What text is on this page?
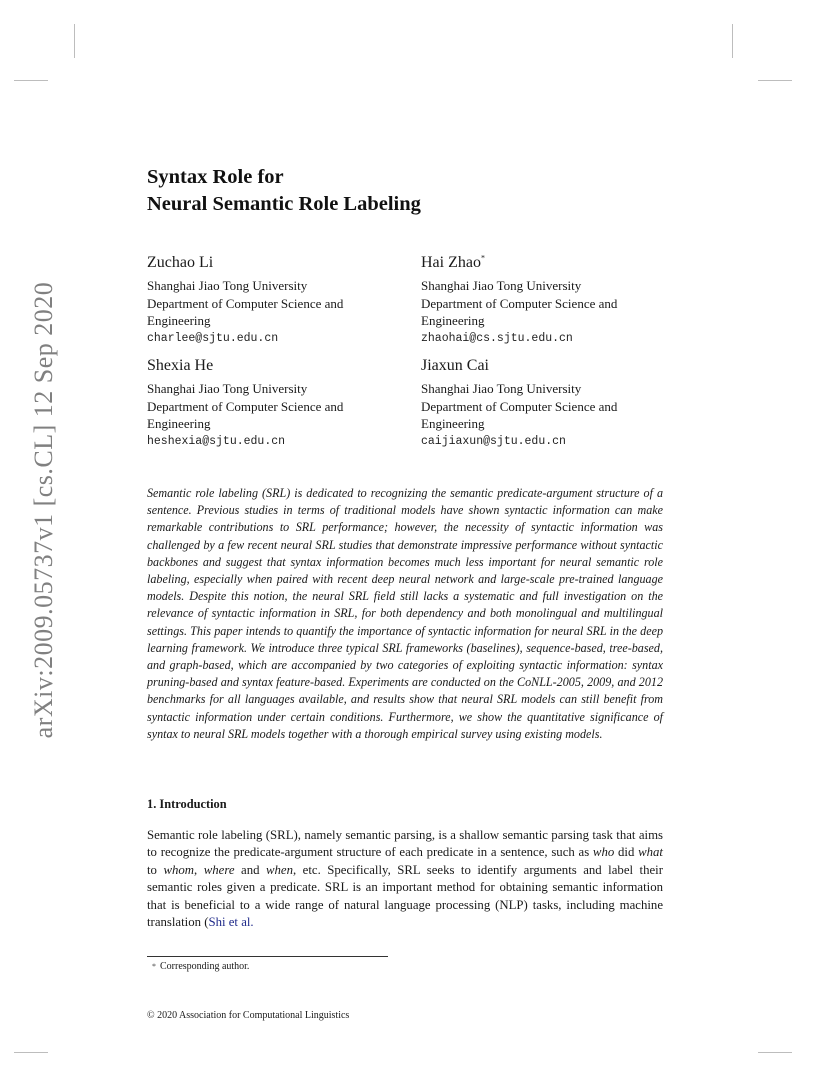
arXiv:2009.05737v1 [cs.CL] 12 Sep 2020
Syntax Role for
Neural Semantic Role Labeling
Zuchao Li
Shanghai Jiao Tong University
Department of Computer Science and
Engineering
charlee@sjtu.edu.cn
Hai Zhao*
Shanghai Jiao Tong University
Department of Computer Science and
Engineering
zhaohai@cs.sjtu.edu.cn
Shexia He
Shanghai Jiao Tong University
Department of Computer Science and
Engineering
heshexia@sjtu.edu.cn
Jiaxun Cai
Shanghai Jiao Tong University
Department of Computer Science and
Engineering
caijiaxun@sjtu.edu.cn

Semantic role labeling (SRL) is dedicated to recognizing the semantic predicate-argument structure of a sentence. Previous studies in terms of traditional models have shown syntactic information can make remarkable contributions to SRL performance; however, the necessity of syntactic information was challenged by a few recent neural SRL studies that demonstrate impressive performance without syntactic backbones and suggest that syntax information becomes much less important for neural semantic role labeling, especially when paired with recent deep neural network and large-scale pre-trained language models. Despite this notion, the neural SRL field still lacks a systematic and full investigation on the relevance of syntactic information in SRL, for both dependency and both monolingual and multilingual settings. This paper intends to quantify the importance of syntactic information for neural SRL in the deep learning framework. We introduce three typical SRL frameworks (baselines), sequence-based, tree-based, and graph-based, which are accompanied by two categories of exploiting syntactic information: syntax pruning-based and syntax feature-based. Experiments are conducted on the CoNLL-2005, 2009, and 2012 benchmarks for all languages available, and results show that neural SRL models can still benefit from syntactic information under certain conditions. Furthermore, we show the quantitative significance of syntax to neural SRL models together with a thorough empirical survey using existing models.

1. Introduction

Semantic role labeling (SRL), namely semantic parsing, is a shallow semantic parsing task that aims to recognize the predicate-argument structure of each predicate in a sentence, such as who did what to whom, where and when, etc. Specifically, SRL seeks to identify arguments and label their semantic roles given a predicate. SRL is an important method for obtaining semantic information that is beneficial to a wide range of natural language processing (NLP) tasks, including machine translation (Shi et al.

* Corresponding author.
© 2020 Association for Computational Linguistics
